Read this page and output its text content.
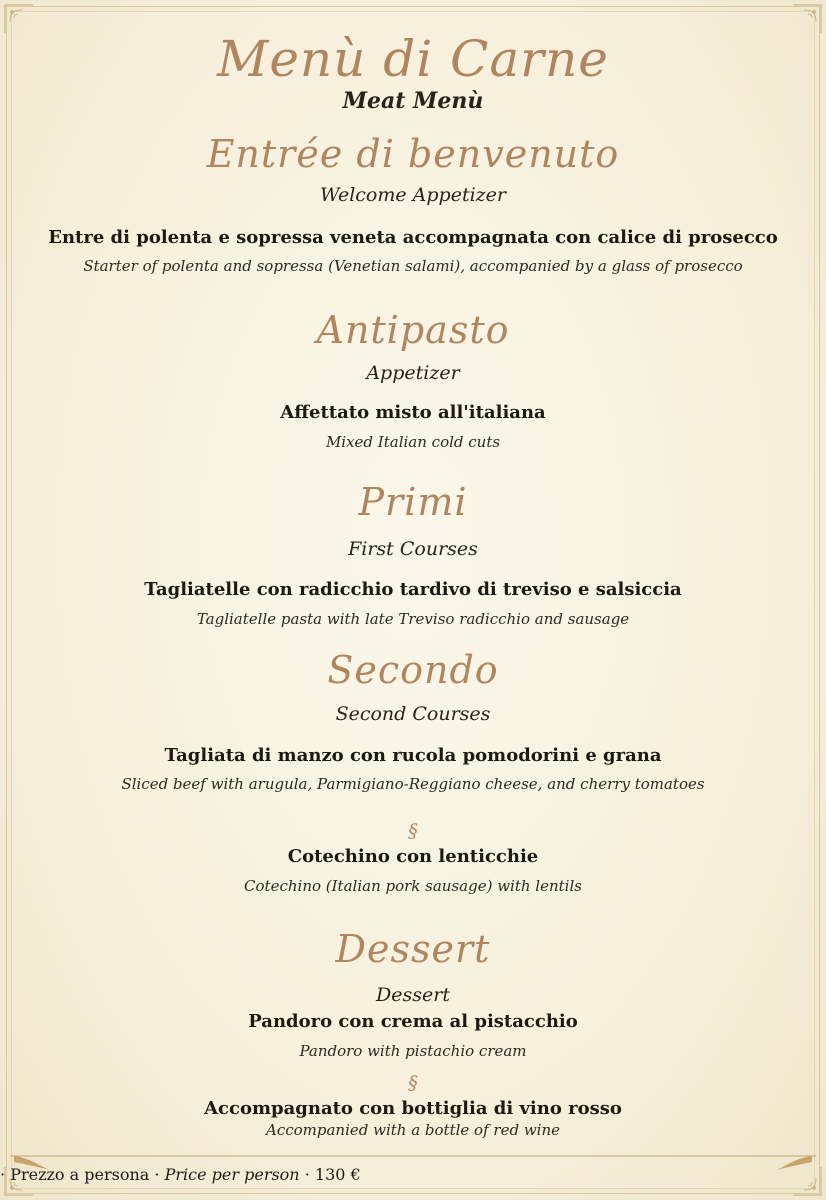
Menù di Carne
Meat Menù
Entrée di benvenuto
Welcome Appetizer
Entre di polenta e sopressa veneta accompagnata con calice di prosecco
Starter of polenta and sopressa (Venetian salami), accompanied by a glass of prosecco
Antipasto
Appetizer
Affettato misto all'italiana
Mixed Italian cold cuts
Primi
First Courses
Tagliatelle con radicchio tardivo di treviso e salsiccia
Tagliatelle pasta with late Treviso radicchio and sausage
Secondo
Second Courses
Tagliata di manzo con rucola pomodorini e grana
Sliced beef with arugula, Parmigiano-Reggiano cheese, and cherry tomatoes
§
Cotechino con lenticchie
Cotechino (Italian pork sausage) with lentils
Dessert
Dessert
Pandoro con crema al pistacchio
Pandoro with pistachio cream
§
Accompagnato con bottiglia di vino rosso
Accompanied with a bottle of red wine
· Prezzo a persona · Price per person · 130 €
